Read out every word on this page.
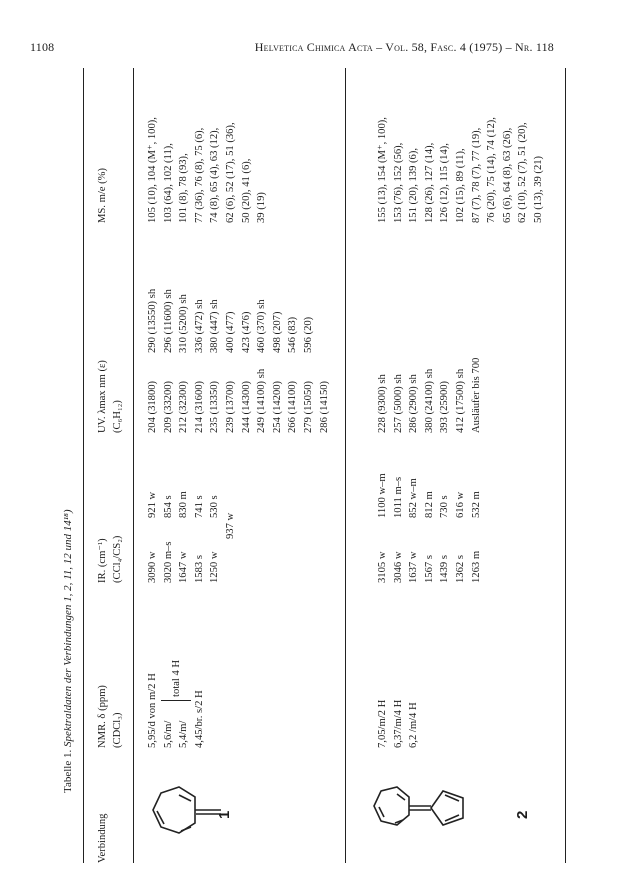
1108	Helvetica Chimica Acta – Vol. 58, Fasc. 4 (1975) – Nr. 118
Tabelle 1. Spektraldaten der Verbindungen 1, 2, 11, 12 und 14¹⁸)
Verbindung
NMR. δ (ppm) (CDCl₃)
IR. (cm⁻¹) (CCl₄/CS₂)
UV. λmax nm (ε) (C₆H₁₂)
MS. m/e (%)
1
5,95/d von m/2 H 5,6/m/ 5,4/m/ 4,45/br. s/2 H
total 4 H
3090 w 3020 m–s 1647 w 1583 s 1250 w
937 w
921 w 854 s 830 m 741 s 530 s
204 (31800) 209 (33200) 212 (32300) 214 (31600) 235 (13350) 239 (13700) 244 (14300) 249 (14100) sh 254 (14200) 266 (14100) 279 (15050) 286 (14150)
290 (13550) sh 296 (11600) sh 310 (5200) sh 336 (472) sh 380 (447) sh 400 (477) 423 (476) 460 (370) sh 498 (207) 546 (83) 596 (20)
105 (10), 104 (M⁺, 100), 103 (64), 102 (11), 101 (8), 78 (93), 77 (36), 76 (8), 75 (6), 74 (8), 65 (4), 63 (12), 62 (6), 52 (17), 51 (36), 50 (20), 41 (6), 39 (19)
2
7,05/m/2 H 6,37/m/4 H 6,2 /m/4 H
3105 w 3046 w 1637 w 1567 s 1439 s 1362 s 1263 m
1100 w–m 1011 m–s 852 w–m 812 m 730 s 616 w 532 m
228 (9300) sh 257 (5000) sh 286 (2900) sh 380 (24100) sh 393 (25900) 412 (17500) sh Ausläufer bis 700
155 (13), 154 (M⁺, 100), 153 (76), 152 (56), 151 (20), 139 (6), 128 (26), 127 (14), 126 (12), 115 (14), 102 (15), 89 (11), 87 (7), 78 (7), 77 (19), 76 (20), 75 (14), 74 (12), 65 (6), 64 (8), 63 (26), 62 (10), 52 (7), 51 (20), 50 (13), 39 (21)
